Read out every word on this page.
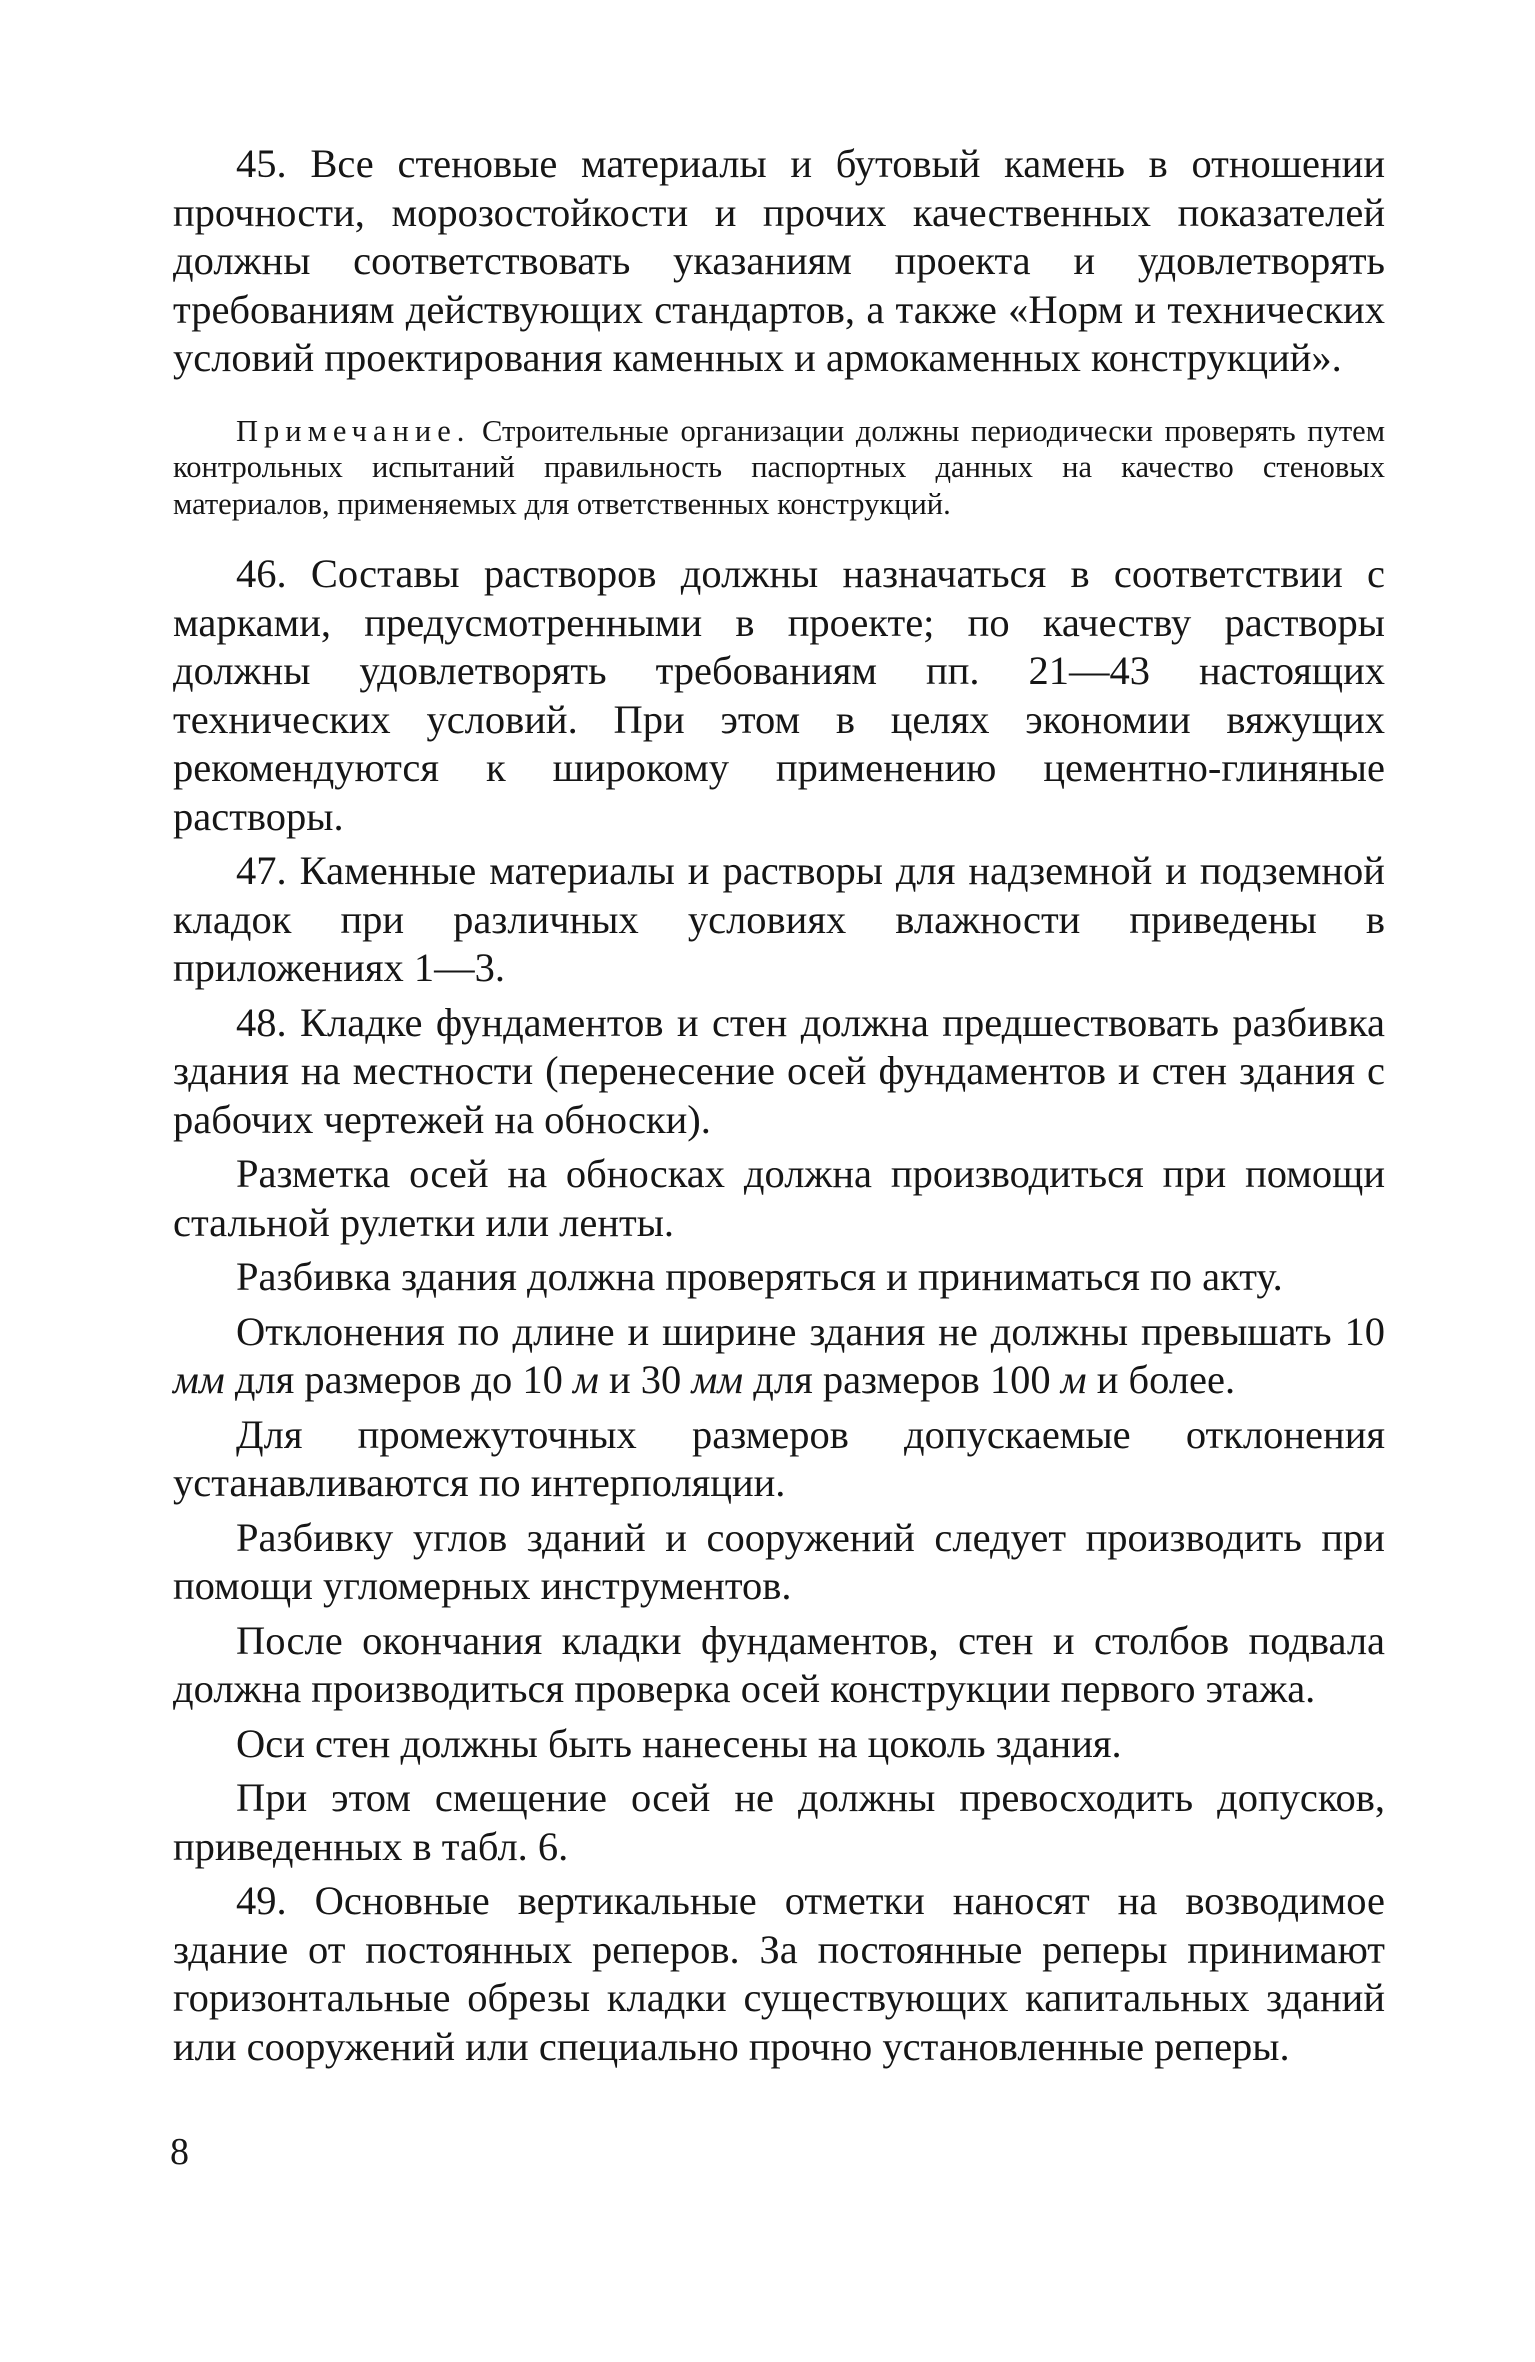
45. Все стеновые материалы и бутовый камень в отношении прочности, морозостойкости и прочих качественных показателей должны соответствовать указаниям проекта и удовлетворять требованиям действующих стандартов, а также «Норм и технических условий проектирования каменных и армокаменных конструкций».

Примечание. Строительные организации должны периодически проверять путем контрольных испытаний правильность паспортных данных на качество стеновых материалов, применяемых для ответственных конструкций.

46. Составы растворов должны назначаться в соответствии с марками, предусмотренными в проекте; по качеству растворы должны удовлетворять требованиям пп. 21—43 настоящих технических условий. При этом в целях экономии вяжущих рекомендуются к широкому применению цементно-глиняные растворы.

47. Каменные материалы и растворы для надземной и подземной кладок при различных условиях влажности приведены в приложениях 1—3.

48. Кладке фундаментов и стен должна предшествовать разбивка здания на местности (перенесение осей фундаментов и стен здания с рабочих чертежей на обноски).

Разметка осей на обносках должна производиться при помощи стальной рулетки или ленты.

Разбивка здания должна проверяться и приниматься по акту.

Отклонения по длине и ширине здания не должны превышать 10 мм для размеров до 10 м и 30 мм для размеров 100 м и более.

Для промежуточных размеров допускаемые отклонения устанавливаются по интерполяции.

Разбивку углов зданий и сооружений следует производить при помощи угломерных инструментов.

После окончания кладки фундаментов, стен и столбов подвала должна производиться проверка осей конструкции первого этажа.

Оси стен должны быть нанесены на цоколь здания.

При этом смещение осей не должны превосходить допусков, приведенных в табл. 6.

49. Основные вертикальные отметки наносят на возводимое здание от постоянных реперов. За постоянные реперы принимают горизонтальные обрезы кладки существующих капитальных зданий или сооружений или специально прочно установленные реперы.

8
